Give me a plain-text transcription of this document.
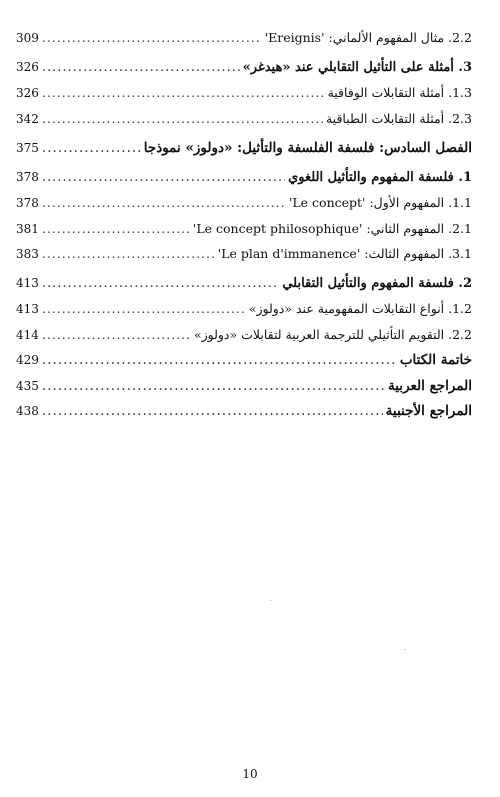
2.2. مثال المفهوم الألماني: 'Ereignis'
.....
309
3. أمثلة على التأثيل التقابلي عند «هيدغر»
.....
326
1.3. أمثلة التقابلات الوفاقية
.....
326
2.3. أمثلة التقابلات الطباقية
.....
342
الفصل السادس: فلسفة الفلسفة والتأثيل: «دولوز» نموذجا
.....
375
1. فلسفة المفهوم والتأثيل اللغوي
.....
378
1.1. المفهوم الأول: 'Le concept'
.....
378
2.1. المفهوم الثاني: 'Le concept philosophique'
.....
381
3.1. المفهوم الثالث: 'Le plan d'immanence'
.....
383
2. فلسفة المفهوم والتأثيل التقابلي
.....
413
1.2. أنواع التقابلات المفهومية عند «دولوز»
.....
413
2.2. التقويم التأثيلي للترجمة العربية لتقابلات «دولوز»
.....
414
خاتمة الكتاب
.....
429
المراجع العربية
.....
435
المراجع الأجنبية
.....
438
10
